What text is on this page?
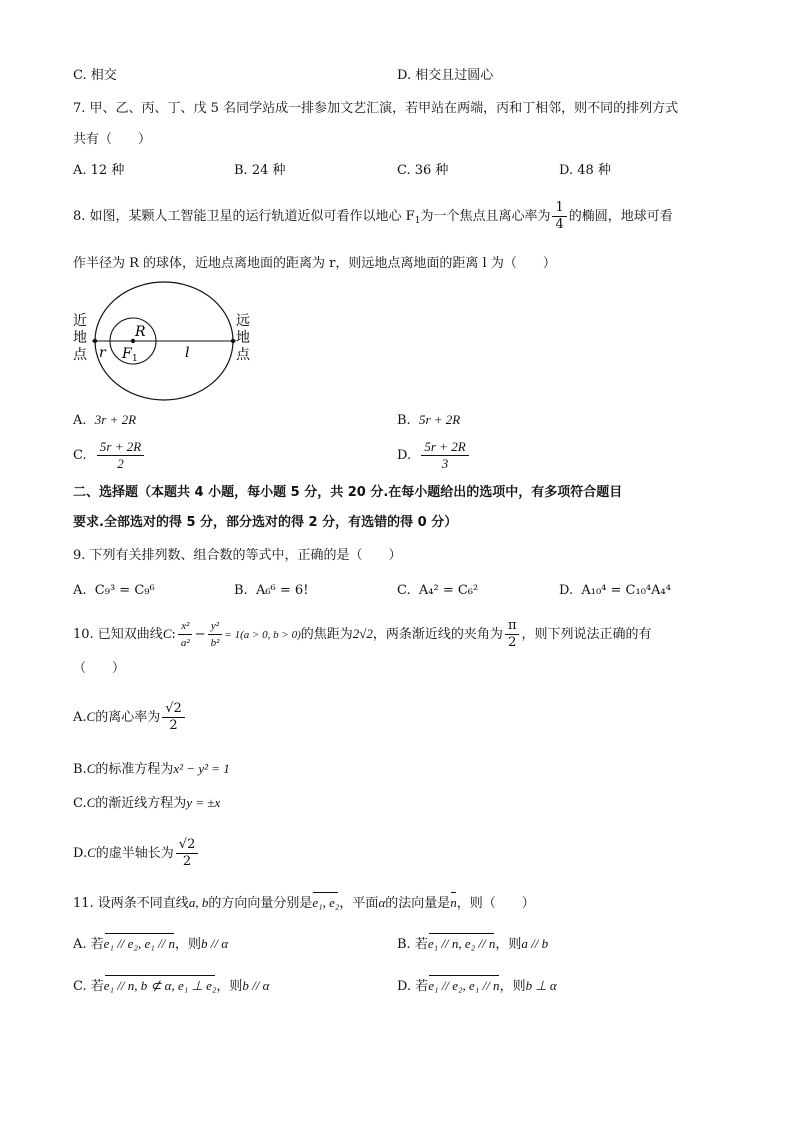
C. 相交	D. 相交且过圆心
7. 甲、乙、丙、丁、戊 5 名同学站成一排参加文艺汇演，若甲站在两端，丙和丁相邻，则不同的排列方式
共有（　　）
A. 12 种	B. 24 种	C. 36 种	D. 48 种
8. 如图，某颗人工智能卫星的运行轨道近似可看作以地心 $F_1$为一个焦点且离心率为 $\frac{1}{4}$ 的椭圆，地球可看
作半径为 R 的球体，近地点离地面的距离为 r，则远地点离地面的距离 l 为（　　）
近
地
点
远
地
点
R
F 1
r	l
A. 3r + 2R	B. 5r + 2R
C. $\frac{5r + 2R}{2}$	D. $\frac{5r + 2R}{3}$
二、选择题（本题共 4 小题，每小题 5 分，共 20 分.在每小题给出的选项中，有多项符合题目
要求.全部选对的得 5 分，部分选对的得 2 分，有选错的得 0 分）
9. 下列有关排列数、组合数的等式中，正确的是（　　）
A. C₉³ = C₉⁶	B. A₆⁶ = 6!	C. A₄² = C₆²	D. A₁₀⁴ = C₁₀⁴A₄⁴
10. 已知双曲线C: $\frac{\text{x²}}{\text{a²}} - \frac{\text{y²}}{\text{b²}} = 1(a > 0$, b > 0)的焦距为2√2，两条渐近线的夹角为 $\frac{\pi}{2}$ ，则下列说法正确的有
（　　）
A.C的离心率为 $\frac{√2}{2}$
B.C的标准方程为x² − y² = 1
C.C的渐近线方程为y = ±x
D.C的虚半轴长为 $\frac{√2}{2}$
11. 设两条不同直线a, b的方向向量分别是e₁, e₂，平面α的法向量是n，则（　　）
A. 若e₁ // e₂, e₁ // n，则b // α	B. 若e₁ // n, e₂ // n，则a // b
C. 若e₁ // n, b ⊄ α, e₁ ⊥ e₂，则b // α	D. 若e₁ // e₂, e₁ // n，则b ⊥ α
